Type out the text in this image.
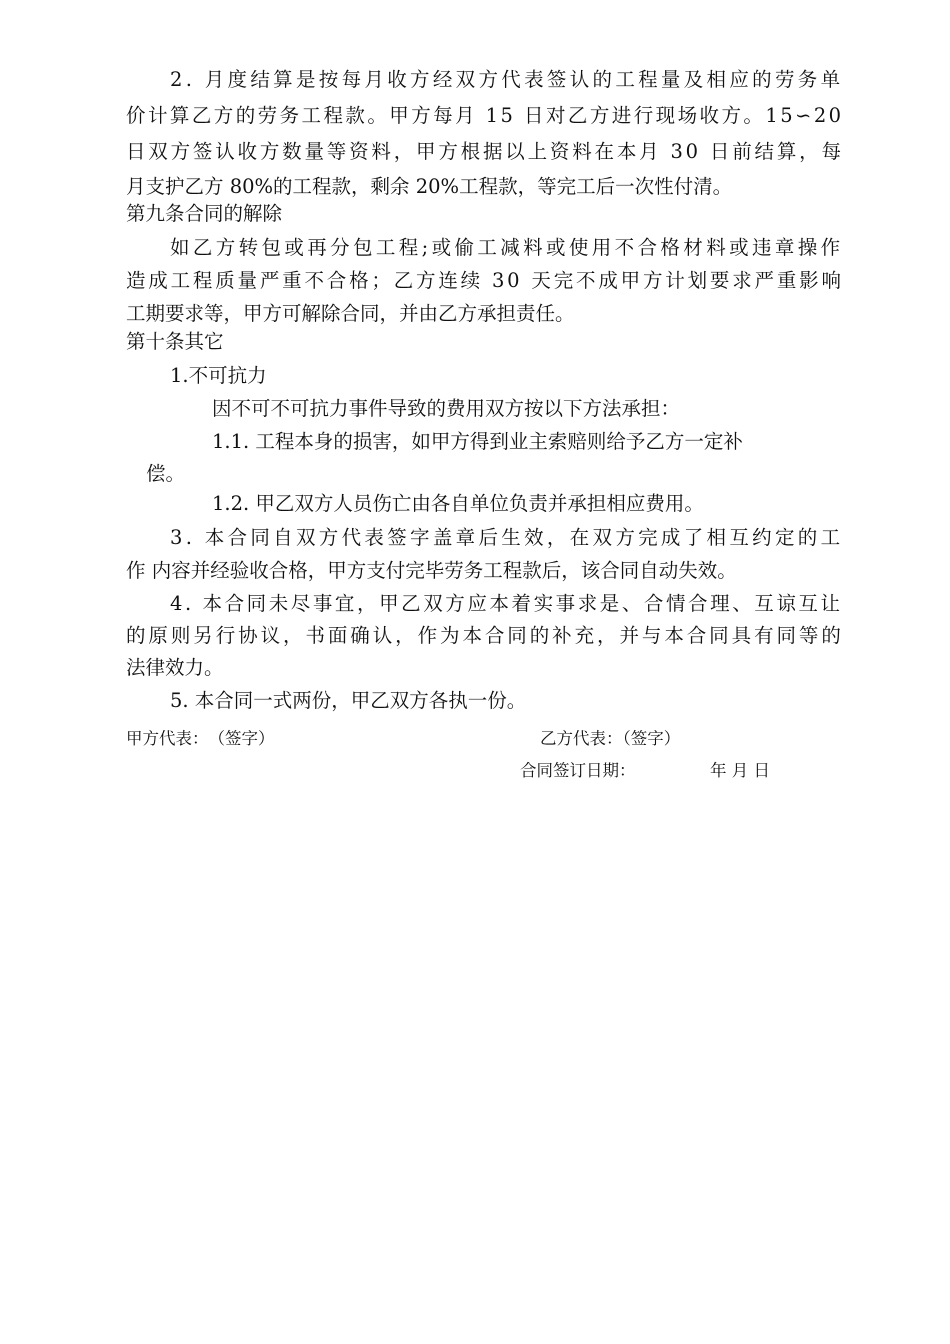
2. 月度结算是按每月收方经双方代表签认的工程量及相应的劳务单
价计算乙方的劳务工程款。甲方每月 15 日对乙方进行现场收方。15∽20
日双方签认收方数量等资料，甲方根据以上资料在本月 30 日前结算，每
月支护乙方 80%的工程款，剩余 20%工程款，等完工后一次性付清。
第九条合同的解除
如乙方转包或再分包工程;或偷工减料或使用不合格材料或违章操作
造成工程质量严重不合格；乙方连续 30 天完不成甲方计划要求严重影响
工期要求等，甲方可解除合同，并由乙方承担责任。
第十条其它
1.不可抗力
因不可不可抗力事件导致的费用双方按以下方法承担：
1.1. 工程本身的损害，如甲方得到业主索赔则给予乙方一定补
偿。
1.2. 甲乙双方人员伤亡由各自单位负责并承担相应费用。
3. 本合同自双方代表签字盖章后生效，在双方完成了相互约定的工
作 内容并经验收合格，甲方支付完毕劳务工程款后，该合同自动失效。
4. 本合同未尽事宜，甲乙双方应本着实事求是、合情合理、互谅互让
的原则另行协议，书面确认，作为本合同的补充，并与本合同具有同等的
法律效力。
5. 本合同一式两份，甲乙双方各执一份。
甲方代表：　（签字）	乙方代表：（签字）
合同签订日期：	年 月 日
